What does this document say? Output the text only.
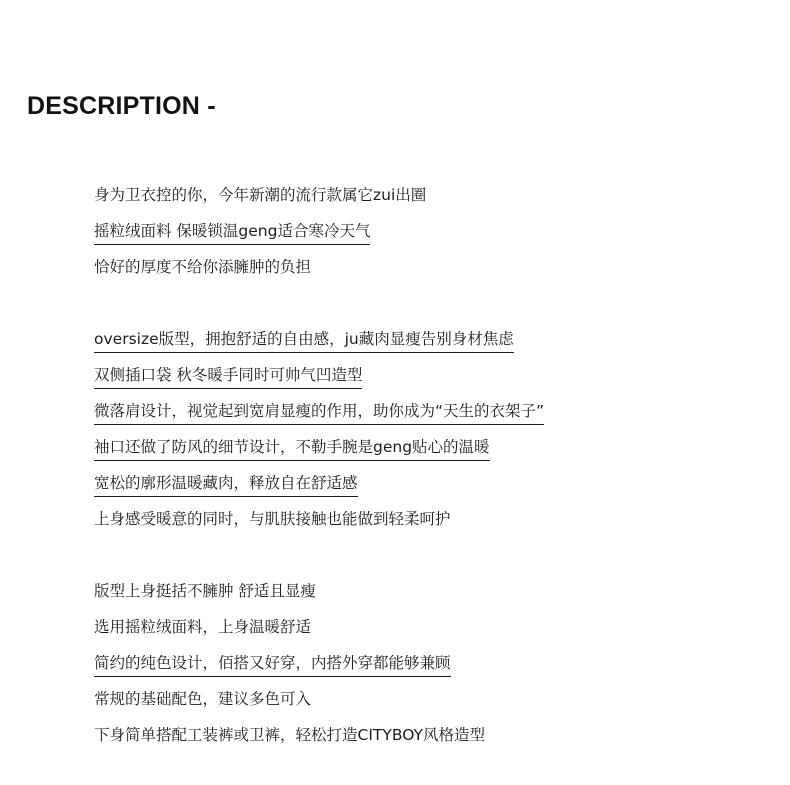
DESCRIPTION -

身为卫衣控的你，今年新潮的流行款属它zui出圈

摇粒绒面料 保暖锁温geng适合寒冷天气

恰好的厚度不给你添臃肿的负担

oversize版型，拥抱舒适的自由感，ju藏肉显瘦告别身材焦虑

双侧插口袋 秋冬暖手同时可帅气凹造型

微落肩设计，视觉起到宽肩显瘦的作用，助你成为“天生的衣架子”

袖口还做了防风的细节设计，不勒手腕是geng贴心的温暖

宽松的廓形温暖藏肉，释放自在舒适感

上身感受暖意的同时，与肌肤接触也能做到轻柔呵护

版型上身挺括不臃肿 舒适且显瘦

选用摇粒绒面料，上身温暖舒适

简约的纯色设计，佰搭又好穿，内搭外穿都能够兼顾

常规的基础配色，建议多色可入

下身简单搭配工装裤或卫裤，轻松打造CITYBOY风格造型
